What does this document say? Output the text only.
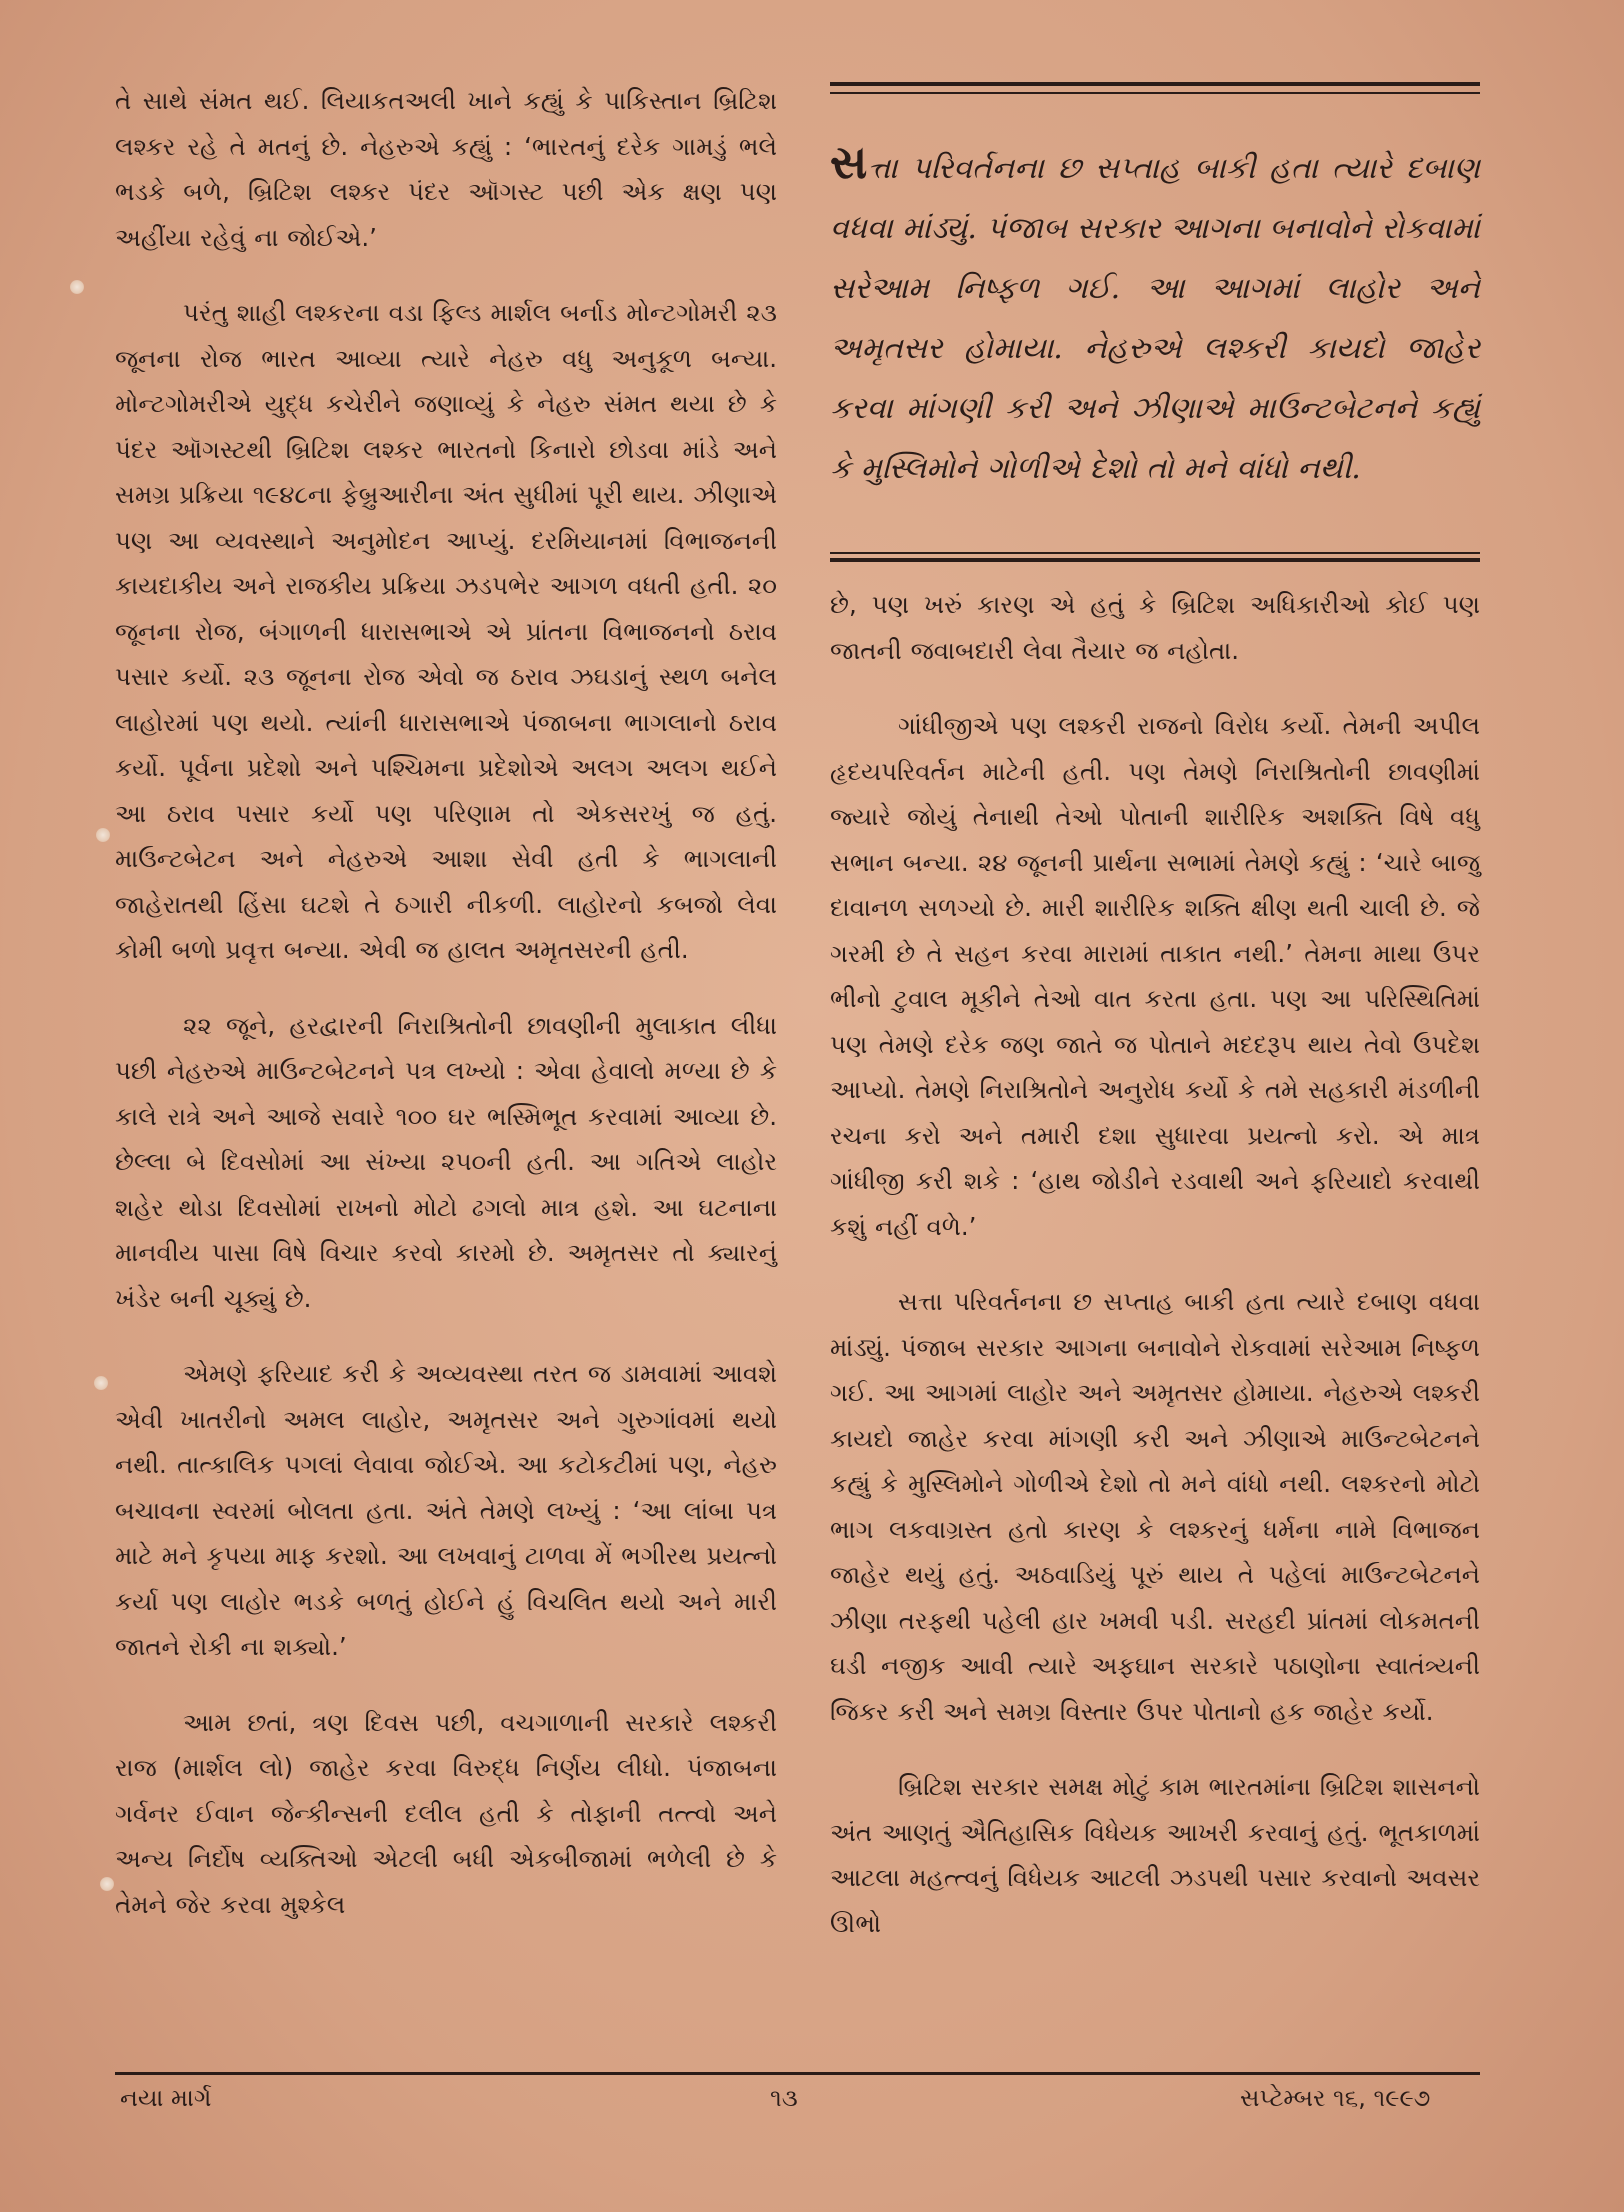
તે સાથે સંમત થઈ. લિયાકતઅલી ખાને કહ્યું કે પાકિસ્તાન બ્રિટિશ લશ્કર રહે તે મતનું છે. નેહરુએ કહ્યું : ‘ભારતનું દરેક ગામડું ભલે ભડકે બળે, બ્રિટિશ લશ્કર પંદર ઑગસ્ટ પછી એક ક્ષણ પણ અહીંયા રહેવું ના જોઈએ.’

પરંતુ શાહી લશ્કરના વડા ફિલ્ડ માર્શલ બર્નાડ મોન્ટગોમરી ૨૩ જૂનના રોજ ભારત આવ્યા ત્યારે નેહરુ વધુ અનુકૂળ બન્યા. મોન્ટગોમરીએ યુદ્ધ કચેરીને જણાવ્યું કે નેહરુ સંમત થયા છે કે પંદર ઑગસ્ટથી બ્રિટિશ લશ્કર ભારતનો કિનારો છોડવા માંડે અને સમગ્ર પ્રક્રિયા ૧૯૪૮ના ફેબ્રુઆરીના અંત સુધીમાં પૂરી થાય. ઝીણાએ પણ આ વ્યવસ્થાને અનુમોદન આપ્યું. દરમિયાનમાં વિભાજનની કાયદાકીય અને રાજકીય પ્રક્રિયા ઝડપભેર આગળ વધતી હતી. ૨૦ જૂનના રોજ, બંગાળની ધારાસભાએ એ પ્રાંતના વિભાજનનો ઠરાવ પસાર કર્યો. ૨૩ જૂનના રોજ એવો જ ઠરાવ ઝઘડાનું સ્થળ બનેલ લાહોરમાં પણ થયો. ત્યાંની ધારાસભાએ પંજાબના ભાગલાનો ઠરાવ કર્યો. પૂર્વના પ્રદેશો અને પશ્ચિમના પ્રદેશોએ અલગ અલગ થઈને આ ઠરાવ પસાર કર્યો પણ પરિણામ તો એકસરખું જ હતું. માઉન્ટબેટન અને નેહરુએ આશા સેવી હતી કે ભાગલાની જાહેરાતથી હિંસા ઘટશે તે ઠગારી નીકળી. લાહોરનો કબજો લેવા કોમી બળો પ્રવૃત્ત બન્યા. એવી જ હાલત અમૃતસરની હતી.

૨૨ જૂને, હરદ્વારની નિરાશ્રિતોની છાવણીની મુલાકાત લીધા પછી નેહરુએ માઉન્ટબેટનને પત્ર લખ્યો : એવા હેવાલો મળ્યા છે કે કાલે રાત્રે અને આજે સવારે ૧૦૦ ઘર ભસ્મિભૂત કરવામાં આવ્યા છે. છેલ્લા બે દિવસોમાં આ સંખ્યા ૨૫૦ની હતી. આ ગતિએ લાહોર શહેર થોડા દિવસોમાં રાખનો મોટો ઢગલો માત્ર હશે. આ ઘટનાના માનવીય પાસા વિષે વિચાર કરવો કારમો છે. અમૃતસર તો ક્યારનું ખંડેર બની ચૂક્યું છે.

એમણે ફરિયાદ કરી કે અવ્યવસ્થા તરત જ ડામવામાં આવશે એવી ખાતરીનો અમલ લાહોર, અમૃતસર અને ગુરુગાંવમાં થયો નથી. તાત્કાલિક પગલાં લેવાવા જોઈએ. આ કટોકટીમાં પણ, નેહરુ બચાવના સ્વરમાં બોલતા હતા. અંતે તેમણે લખ્યું : ‘આ લાંબા પત્ર માટે મને કૃપયા માફ કરશો. આ લખવાનું ટાળવા મેં ભગીરથ પ્રયત્નો કર્યા પણ લાહોર ભડકે બળતું હોઈને હું વિચલિત થયો અને મારી જાતને રોકી ના શક્યો.’

આમ છતાં, ત્રણ દિવસ પછી, વચગાળાની સરકારે લશ્કરી રાજ (માર્શલ લો) જાહેર કરવા વિરુદ્ધ નિર્ણય લીધો. પંજાબના ગર્વનર ઈવાન જેન્કીન્સની દલીલ હતી કે તોફાની તત્ત્વો અને અન્ય નિર્દોષ વ્યક્તિઓ એટલી બધી એકબીજામાં ભળેલી છે કે તેમને જેર કરવા મુશ્કેલ

સત્તા પરિવર્તનના છ સપ્તાહ બાકી હતા ત્યારે દબાણ વધવા માંડ્યું. પંજાબ સરકાર આગના બનાવોને રોકવામાં સરેઆમ નિષ્ફળ ગઈ. આ આગમાં લાહોર અને અમૃતસર હોમાયા. નેહરુએ લશ્કરી કાયદો જાહેર કરવા માંગણી કરી અને ઝીણાએ માઉન્ટબેટનને કહ્યું કે મુસ્લિમોને ગોળીએ દેશો તો મને વાંધો નથી.

છે, પણ ખરું કારણ એ હતું કે બ્રિટિશ અધિકારીઓ કોઈ પણ જાતની જવાબદારી લેવા તૈયાર જ નહોતા.

ગાંધીજીએ પણ લશ્કરી રાજનો વિરોધ કર્યો. તેમની અપીલ હૃદયપરિવર્તન માટેની હતી. પણ તેમણે નિરાશ્રિતોની છાવણીમાં જ્યારે જોયું તેનાથી તેઓ પોતાની શારીરિક અશક્તિ વિષે વધુ સભાન બન્યા. ૨૪ જૂનની પ્રાર્થના સભામાં તેમણે કહ્યું : ‘ચારે બાજુ દાવાનળ સળગ્યો છે. મારી શારીરિક શક્તિ ક્ષીણ થતી ચાલી છે. જે ગરમી છે તે સહન કરવા મારામાં તાકાત નથી.’ તેમના માથા ઉપર ભીનો ટુવાલ મૂકીને તેઓ વાત કરતા હતા. પણ આ પરિસ્થિતિમાં પણ તેમણે દરેક જણ જાતે જ પોતાને મદદરૂપ થાય તેવો ઉપદેશ આપ્યો. તેમણે નિરાશ્રિતોને અનુરોધ કર્યો કે તમે સહકારી મંડળીની રચના કરો અને તમારી દશા સુધારવા પ્રયત્નો કરો. એ માત્ર ગાંધીજી કરી શકે : ‘હાથ જોડીને રડવાથી અને ફરિયાદો કરવાથી કશું નહીં વળે.’

સત્તા પરિવર્તનના છ સપ્તાહ બાકી હતા ત્યારે દબાણ વધવા માંડ્યું. પંજાબ સરકાર આગના બનાવોને રોકવામાં સરેઆમ નિષ્ફળ ગઈ. આ આગમાં લાહોર અને અમૃતસર હોમાયા. નેહરુએ લશ્કરી કાયદો જાહેર કરવા માંગણી કરી અને ઝીણાએ માઉન્ટબેટનને કહ્યું કે મુસ્લિમોને ગોળીએ દેશો તો મને વાંધો નથી. લશ્કરનો મોટો ભાગ લકવાગ્રસ્ત હતો કારણ કે લશ્કરનું ધર્મના નામે વિભાજન જાહેર થયું હતું. અઠવાડિયું પૂરું થાય તે પહેલાં માઉન્ટબેટનને ઝીણા તરફથી પહેલી હાર ખમવી પડી. સરહદી પ્રાંતમાં લોકમતની ઘડી નજીક આવી ત્યારે અફઘાન સરકારે પઠાણોના સ્વાતંત્ર્યની જિકર કરી અને સમગ્ર વિસ્તાર ઉપર પોતાનો હક જાહેર કર્યો.

બ્રિટિશ સરકાર સમક્ષ મોટું કામ ભારતમાંના બ્રિટિશ શાસનનો અંત આણતું ઐતિહાસિક વિધેયક આખરી કરવાનું હતું. ભૂતકાળમાં આટલા મહત્ત્વનું વિધેયક આટલી ઝડપથી પસાર કરવાનો અવસર ઊભો

નયા માર્ગ	૧૩	સપ્ટેમ્બર ૧૬, ૧૯૯૭
